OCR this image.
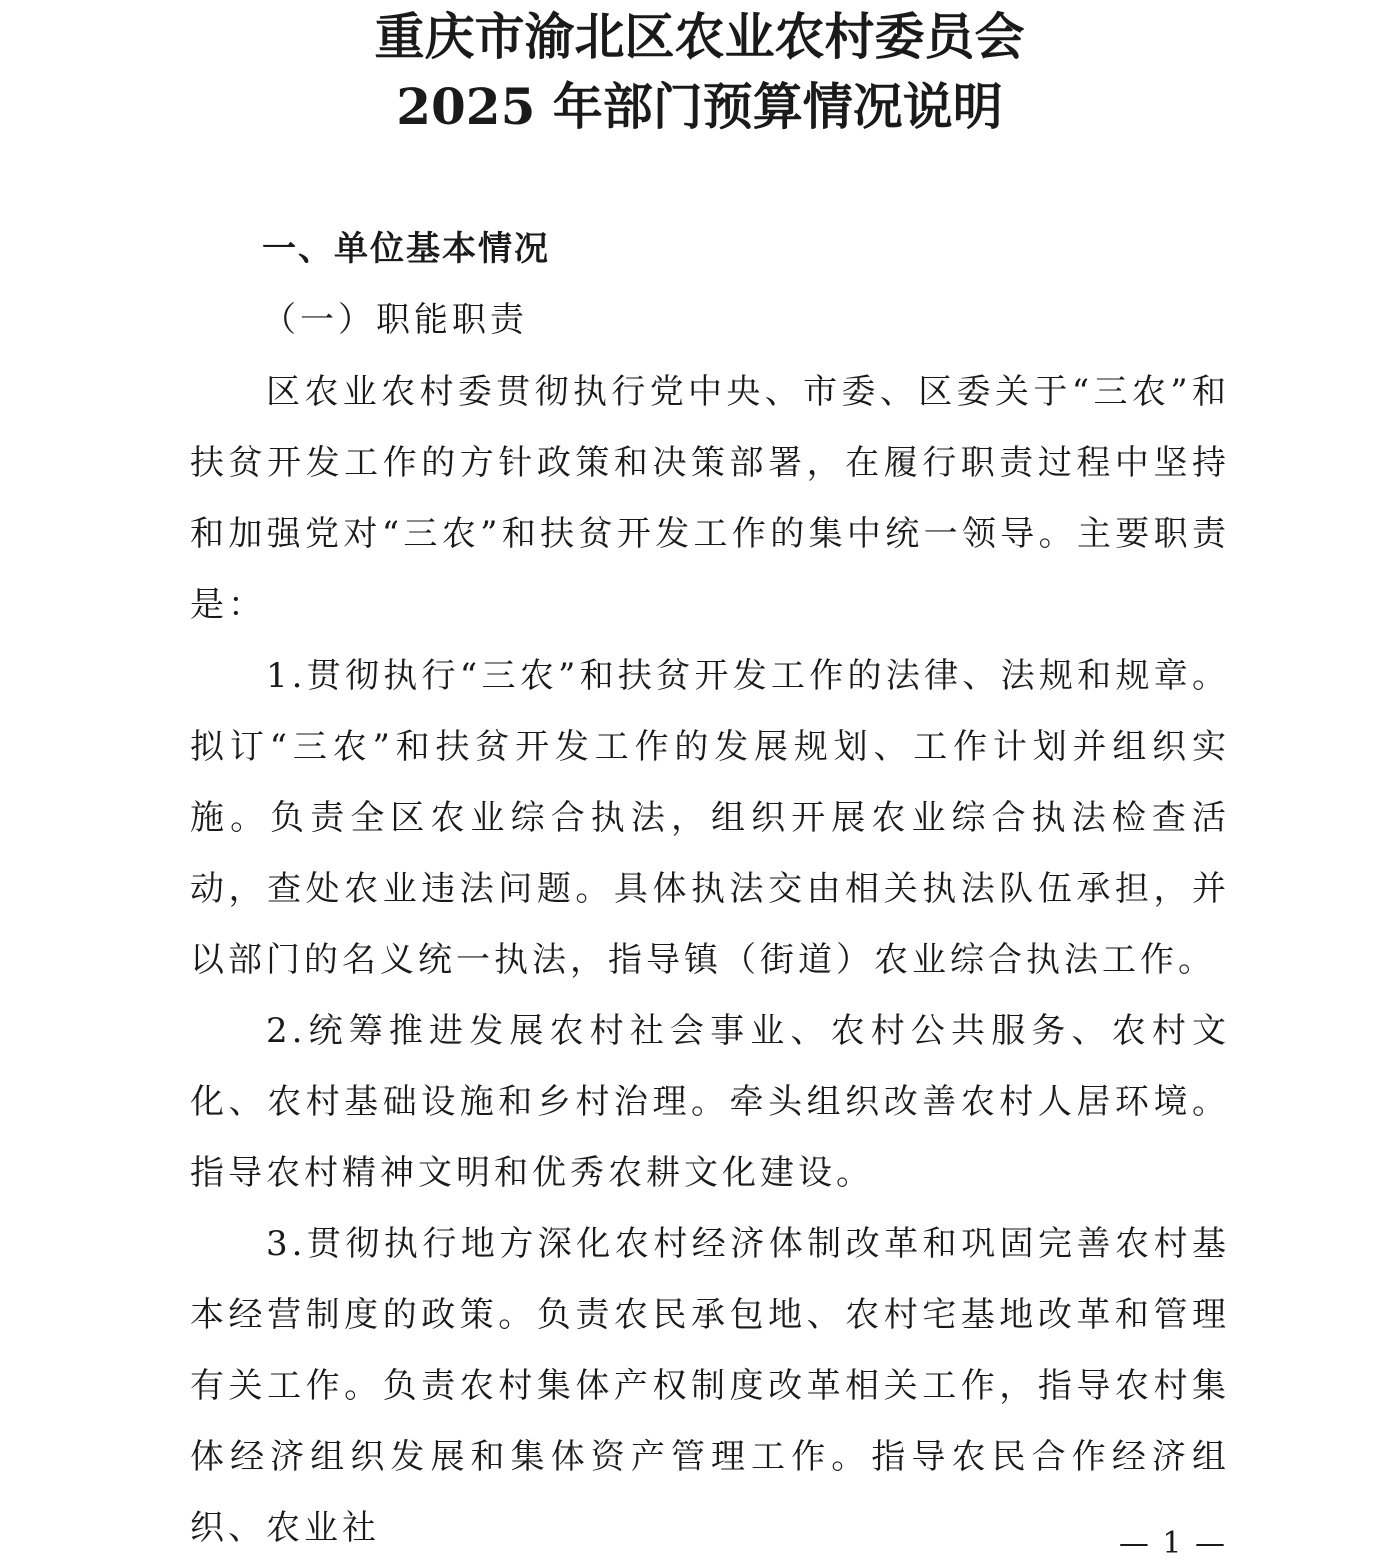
重庆市渝北区农业农村委员会
2025 年部门预算情况说明

一、单位基本情况

（一）职能职责

区农业农村委贯彻执行党中央、市委、区委关于“三农”和扶贫开发工作的方针政策和决策部署，在履行职责过程中坚持和加强党对“三农”和扶贫开发工作的集中统一领导。主要职责是：

1.贯彻执行“三农”和扶贫开发工作的法律、法规和规章。拟订“三农”和扶贫开发工作的发展规划、工作计划并组织实施。负责全区农业综合执法，组织开展农业综合执法检查活动，查处农业违法问题。具体执法交由相关执法队伍承担，并以部门的名义统一执法，指导镇（街道）农业综合执法工作。

2.统筹推进发展农村社会事业、农村公共服务、农村文化、农村基础设施和乡村治理。牵头组织改善农村人居环境。指导农村精神文明和优秀农耕文化建设。

3.贯彻执行地方深化农村经济体制改革和巩固完善农村基本经营制度的政策。负责农民承包地、农村宅基地改革和管理有关工作。负责农村集体产权制度改革相关工作，指导农村集体经济组织发展和集体资产管理工作。指导农民合作经济组织、农业社	— 1 —
